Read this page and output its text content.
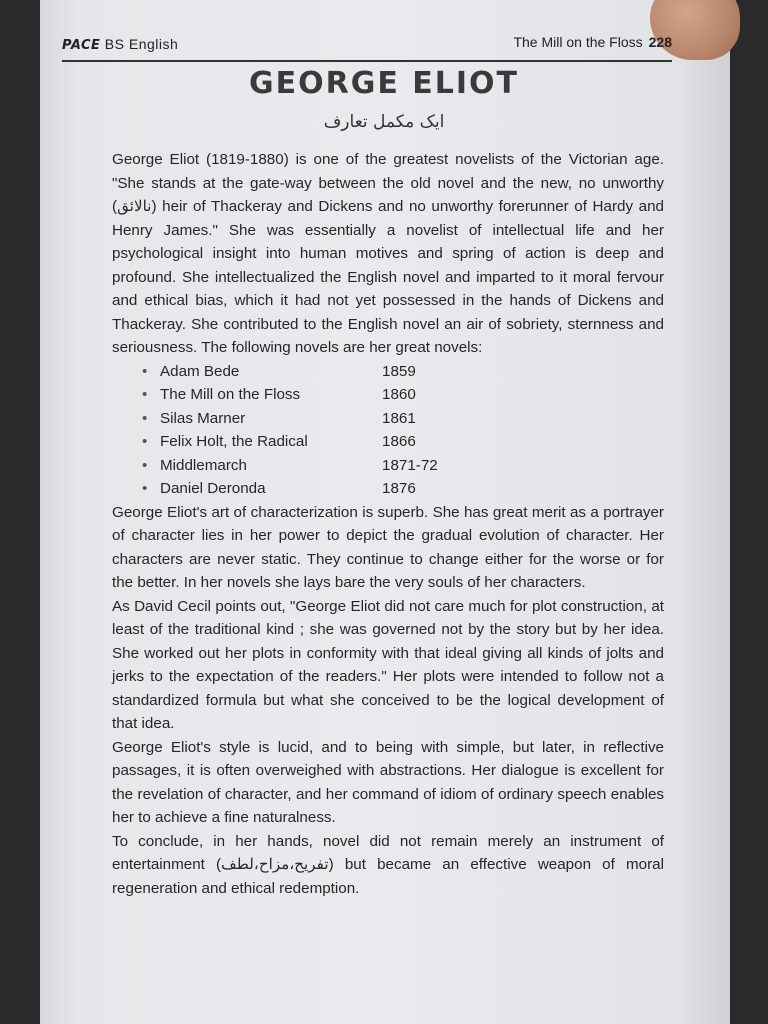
PACE BS English	The Mill on the Floss 228
GEORGE ELIOT
ایک مکمل تعارف

George Eliot (1819-1880) is one of the greatest novelists of the Victorian age. "She stands at the gate-way between the old novel and the new, no unworthy (نالائق) heir of Thackeray and Dickens and no unworthy forerunner of Hardy and Henry James." She was essentially a novelist of intellectual life and her psychological insight into human motives and spring of action is deep and profound. She intellectualized the English novel and imparted to it moral fervour and ethical bias, which it had not yet possessed in the hands of Dickens and Thackeray. She contributed to the English novel an air of sobriety, sternness and seriousness. The following novels are her great novels:

• Adam Bede	1859
• The Mill on the Floss	1860
• Silas Marner	1861
• Felix Holt, the Radical	1866
• Middlemarch	1871-72
• Daniel Deronda	1876

George Eliot's art of characterization is superb. She has great merit as a portrayer of character lies in her power to depict the gradual evolution of character. Her characters are never static. They continue to change either for the worse or for the better. In her novels she lays bare the very souls of her characters.

As David Cecil points out, "George Eliot did not care much for plot construction, at least of the traditional kind ; she was governed not by the story but by her idea. She worked out her plots in conformity with that ideal giving all kinds of jolts and jerks to the expectation of the readers." Her plots were intended to follow not a standardized formula but what she conceived to be the logical development of that idea.

George Eliot's style is lucid, and to being with simple, but later, in reflective passages, it is often overweighed with abstractions. Her dialogue is excellent for the revelation of character, and her command of idiom of ordinary speech enables her to achieve a fine naturalness.

To conclude, in her hands, novel did not remain merely an instrument of entertainment (تفریح،مزاح،لطف) but became an effective weapon of moral regeneration and ethical redemption.
